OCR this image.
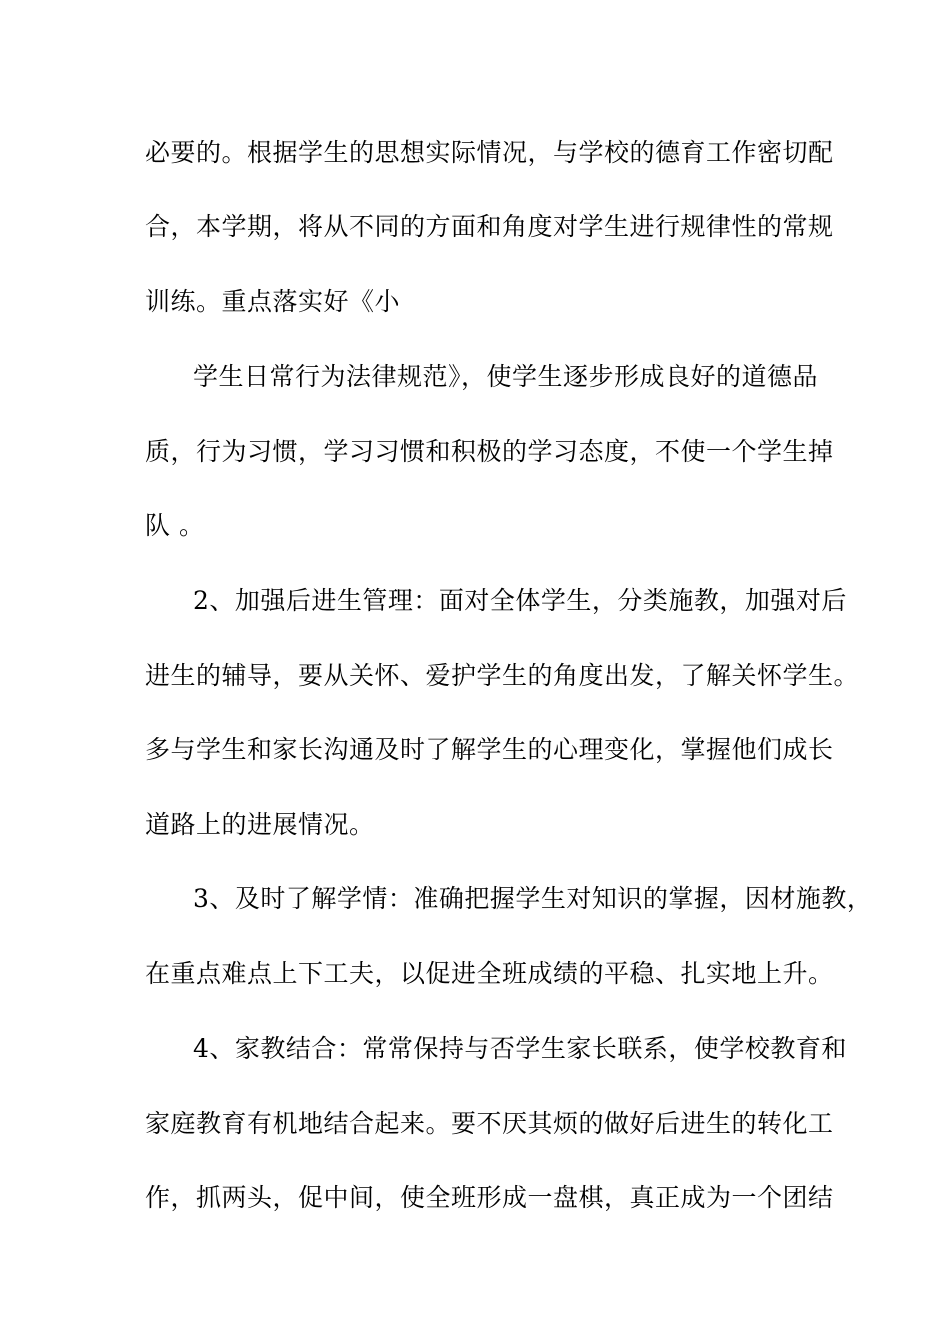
必要的。根据学生的思想实际情况，与学校的德育工作密切配
合，本学期，将从不同的方面和角度对学生进行规律性的常规
训练。重点落实好《小
学生日常行为法律规范》，使学生逐步形成良好的道德品
质，行为习惯，学习习惯和积极的学习态度，不使一个学生掉
队 。
2、加强后进生管理：面对全体学生，分类施教，加强对后
进生的辅导，要从关怀、爱护学生的角度出发，了解关怀学生。
多与学生和家长沟通及时了解学生的心理变化，掌握他们成长
道路上的进展情况。
3、及时了解学情：准确把握学生对知识的掌握，因材施教，
在重点难点上下工夫，以促进全班成绩的平稳、扎实地上升。
4、家教结合：常常保持与否学生家长联系，使学校教育和
家庭教育有机地结合起来。要不厌其烦的做好后进生的转化工
作，抓两头，促中间，使全班形成一盘棋，真正成为一个团结
